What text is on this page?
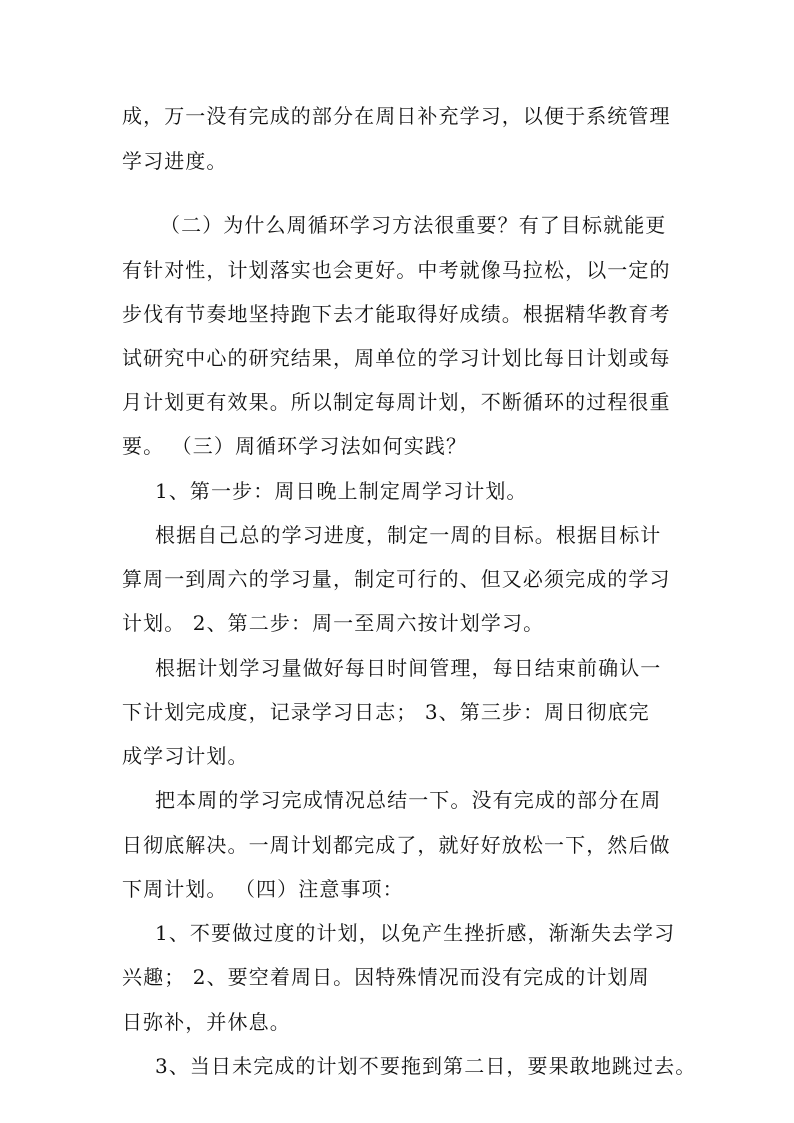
成，万一没有完成的部分在周日补充学习，以便于系统管理
学习进度。
（二）为什么周循环学习方法很重要？有了目标就能更
有针对性，计划落实也会更好。中考就像马拉松，以一定的
步伐有节奏地坚持跑下去才能取得好成绩。根据精华教育考
试研究中心的研究结果，周单位的学习计划比每日计划或每
月计划更有效果。所以制定每周计划，不断循环的过程很重
要。 （三）周循环学习法如何实践？
1、第一步：周日晚上制定周学习计划。
根据自己总的学习进度，制定一周的目标。根据目标计
算周一到周六的学习量，制定可行的、但又必须完成的学习
计划。 2、第二步：周一至周六按计划学习。
根据计划学习量做好每日时间管理，每日结束前确认一
下计划完成度，记录学习日志； 3、第三步：周日彻底完
成学习计划。
把本周的学习完成情况总结一下。没有完成的部分在周
日彻底解决。一周计划都完成了，就好好放松一下，然后做
下周计划。 （四）注意事项：
1、不要做过度的计划，以免产生挫折感，渐渐失去学习
兴趣； 2、要空着周日。因特殊情况而没有完成的计划周
日弥补，并休息。
3、当日未完成的计划不要拖到第二日，要果敢地跳过去。
